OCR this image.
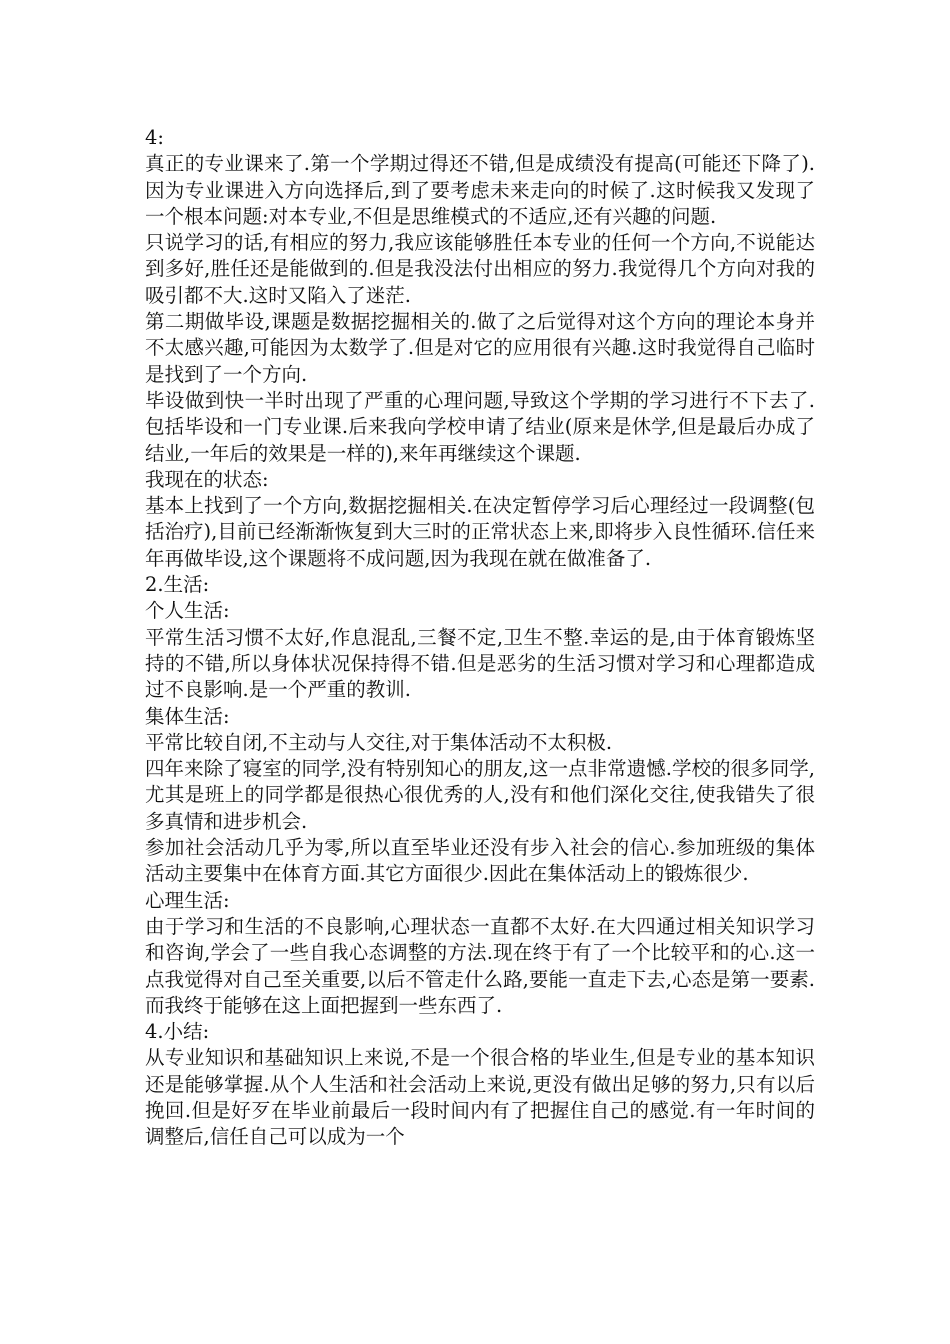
4:

真正的专业课来了.第一个学期过得还不错,但是成绩没有提高(可能还下降了).因为专业课进入方向选择后,到了要考虑未来走向的时候了.这时候我又发现了一个根本问题:对本专业,不但是思维模式的不适应,还有兴趣的问题.

只说学习的话,有相应的努力,我应该能够胜任本专业的任何一个方向,不说能达到多好,胜任还是能做到的.但是我没法付出相应的努力.我觉得几个方向对我的吸引都不大.这时又陷入了迷茫.

第二期做毕设,课题是数据挖掘相关的.做了之后觉得对这个方向的理论本身并不太感兴趣,可能因为太数学了.但是对它的应用很有兴趣.这时我觉得自己临时是找到了一个方向.

毕设做到快一半时出现了严重的心理问题,导致这个学期的学习进行不下去了.包括毕设和一门专业课.后来我向学校申请了结业(原来是休学,但是最后办成了结业,一年后的效果是一样的),来年再继续这个课题.

我现在的状态:

基本上找到了一个方向,数据挖掘相关.在决定暂停学习后心理经过一段调整(包括治疗),目前已经渐渐恢复到大三时的正常状态上来,即将步入良性循环.信任来年再做毕设,这个课题将不成问题,因为我现在就在做准备了.

2.生活:

个人生活:

平常生活习惯不太好,作息混乱,三餐不定,卫生不整.幸运的是,由于体育锻炼坚持的不错,所以身体状况保持得不错.但是恶劣的生活习惯对学习和心理都造成过不良影响.是一个严重的教训.

集体生活:

平常比较自闭,不主动与人交往,对于集体活动不太积极.

四年来除了寝室的同学,没有特别知心的朋友,这一点非常遗憾.学校的很多同学,尤其是班上的同学都是很热心很优秀的人,没有和他们深化交往,使我错失了很多真情和进步机会.

参加社会活动几乎为零,所以直至毕业还没有步入社会的信心.参加班级的集体活动主要集中在体育方面.其它方面很少.因此在集体活动上的锻炼很少.

心理生活:

由于学习和生活的不良影响,心理状态一直都不太好.在大四通过相关知识学习和咨询,学会了一些自我心态调整的方法.现在终于有了一个比较平和的心.这一点我觉得对自己至关重要,以后不管走什么路,要能一直走下去,心态是第一要素.而我终于能够在这上面把握到一些东西了.

4.小结:

从专业知识和基础知识上来说,不是一个很合格的毕业生,但是专业的基本知识还是能够掌握.从个人生活和社会活动上来说,更没有做出足够的努力,只有以后挽回.但是好歹在毕业前最后一段时间内有了把握住自己的感觉.有一年时间的调整后,信任自己可以成为一个
